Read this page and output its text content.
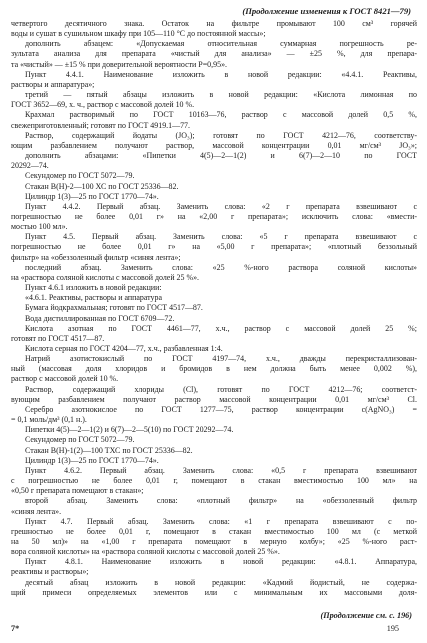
(Продолжение изменения к ГОСТ 8421—79)
четвертого десятичного знака. Остаток на фильтре промывают 100 см³ горячей
воды и сушат в сушильном шкафу при 105—110 °С до постоянной массы»;
дополнить абзацем: «Допускаемая относительная суммарная погрешность ре-
зультата анализа для препарата «чистый для анализа» — ±25 %, для препара-
та «чистый» — ±15 % при доверительной вероятности P=0,95».
Пункт 4.4.1. Наименование изложить в новой редакции: «4.4.1. Реактивы,
растворы и аппаратура»;
третий — пятый абзацы изложить в новой редакции: «Кислота лимонная по
ГОСТ 3652—69, х. ч., раствор с массовой долей 10 %.
Крахмал растворимый по ГОСТ 10163—76, раствор с массовой долей 0,5 %,
свежеприготовленный; готовят по ГОСТ 4919.1—77.
Раствор, содержащий йодаты (JO₃); готовят по ГОСТ 4212—76, соответству-
ющим разбавлением получают раствор, массовой концентрации 0,01 мг/см³ JO₃»;
дополнить абзацами: «Пипетки 4(5)—2—1(2) и 6(7)—2—10 по ГОСТ
20292—74.
Секундомер по ГОСТ 5072—79.
Стакан В(Н)-2—100 ХС по ГОСТ 25336—82.
Цилиндр 1(3)—25 по ГОСТ 1770—74».
Пункт 4.4.2. Первый абзац. Заменить слова: «2 г препарата взвешивают с
погрешностью не более 0,01 г» на «2,00 г препарата»; исключить слова: «вмести-
мостью 100 мл».
Пункт 4.5. Первый абзац. Заменить слова: «5 г препарата взвешивают с
погрешностью не более 0,01 г» на «5,00 г препарата»; «плотный беззольный
фильтр» на «обеззоленный фильтр «синяя лента»;
последний абзац. Заменить слова: «25 %-ного раствора соляной кислоты»
на «раствора соляной кислоты с массовой долей 25 %».
Пункт 4.6.1 изложить в новой редакции:
«4.6.1. Реактивы, растворы и аппаратура
Бумага йодкрахмальная; готовят по ГОСТ 4517—87.
Вода дистиллированная по ГОСТ 6709—72.
Кислота азотная по ГОСТ 4461—77, х.ч., раствор с массовой долей 25 %;
готовят по ГОСТ 4517—87.
Кислота серная по ГОСТ 4204—77, х.ч., разбавленная 1:4.
Натрий азотистокислый по ГОСТ 4197—74, х.ч., дважды перекристаллизован-
ный (массовая доля хлоридов и бромидов в нем должна быть менее 0,002 %),
раствор с массовой долей 10 %.
Раствор, содержащий хлориды (Cl), готовят по ГОСТ 4212—76; соответст-
вующим разбавлением получают раствор массовой концентрации 0,01 мг/см³ Cl.
Серебро азотнокислое по ГОСТ 1277—75, раствор концентрации c(AgNO₃) =
= 0,1 моль/дм³ (0,1 н.).
Пипетки 4(5)—2—1(2) и 6(7)—2—5(10) по ГОСТ 20292—74.
Секундомер по ГОСТ 5072—79.
Стакан В(Н)-1(2)—100 ТХС по ГОСТ 25336—82.
Цилиндр 1(3)—25 по ГОСТ 1770—74».
Пункт 4.6.2. Первый абзац. Заменить слова: «0,5 г препарата взвешивают
с погрешностью не более 0,01 г, помещают в стакан вместимостью 100 мл» на
«0,50 г препарата помещают в стакан»;
второй абзац. Заменить слова: «плотный фильтр» на «обеззоленный фильтр
«синяя лента».
Пункт 4.7. Первый абзац. Заменить слова: «1 г препарата взвешивают с по-
грешностью не более 0,01 г, помещают в стакан вместимостью 100 мл (с меткой
на 50 мл)» на «1,00 г препарата помещают в мерную колбу»; «25 %-ного раст-
вора соляной кислоты» на «раствора соляной кислоты с массовой долей 25 %».
Пункт 4.8.1. Наименование изложить в новой редакции: «4.8.1. Аппаратура,
реактивы и растворы»;
десятый абзац изложить в новой редакции: «Кадмий йодистый, не содержа-
щий примеси определяемых элементов или с минимальным их массовыми доля-
(Продолжение см. с. 196)
7*	195
